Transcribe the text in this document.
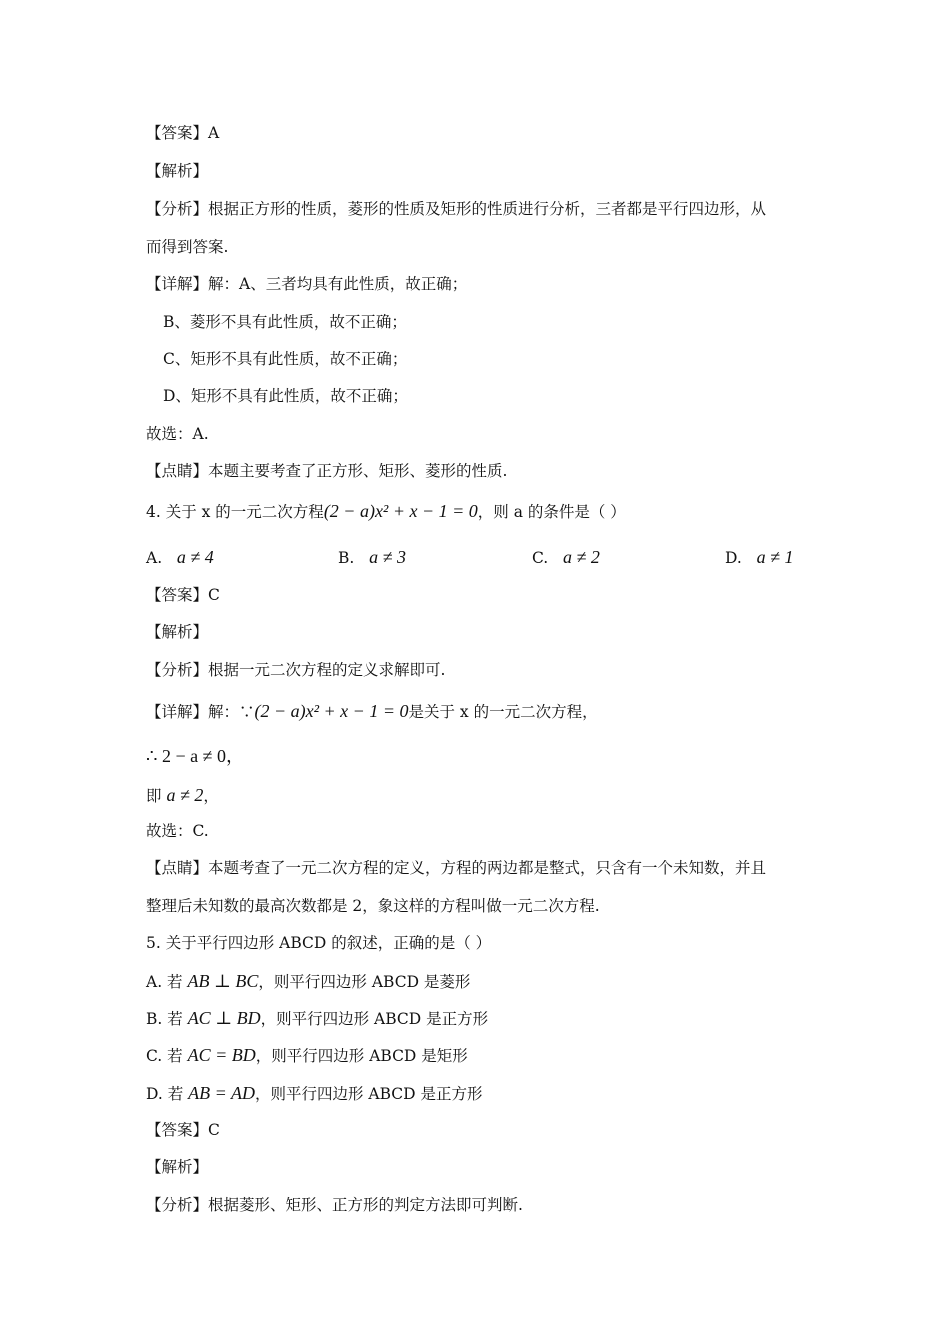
【答案】A
【解析】
【分析】根据正方形的性质，菱形的性质及矩形的性质进行分析，三者都是平行四边形，从
而得到答案.
【详解】解：A、三者均具有此性质，故正确；
B、菱形不具有此性质，故不正确；
C、矩形不具有此性质，故不正确；
D、矩形不具有此性质，故不正确；
故选：A.
【点睛】本题主要考查了正方形、矩形、菱形的性质.
4. 关于 x 的一元二次方程(2 − a)x² + x − 1 = 0，则 a 的条件是（ ）
A. a ≠ 4	B. a ≠ 3	C. a ≠ 2	D. a ≠ 1
【答案】C
【解析】
【分析】根据一元二次方程的定义求解即可.
【详解】解：∵(2 − a)x² + x − 1 = 0是关于 x 的一元二次方程，
∴ 2 − a ≠ 0，
即 a ≠ 2，
故选：C.
【点睛】本题考查了一元二次方程的定义，方程的两边都是整式，只含有一个未知数，并且
整理后未知数的最高次数都是 2，象这样的方程叫做一元二次方程.
5. 关于平行四边形 ABCD 的叙述，正确的是（ ）
A. 若 AB ⊥ BC，则平行四边形 ABCD 是菱形
B. 若 AC ⊥ BD，则平行四边形 ABCD 是正方形
C. 若 AC = BD，则平行四边形 ABCD 是矩形
D. 若 AB = AD，则平行四边形 ABCD 是正方形
【答案】C
【解析】
【分析】根据菱形、矩形、正方形的判定方法即可判断.
